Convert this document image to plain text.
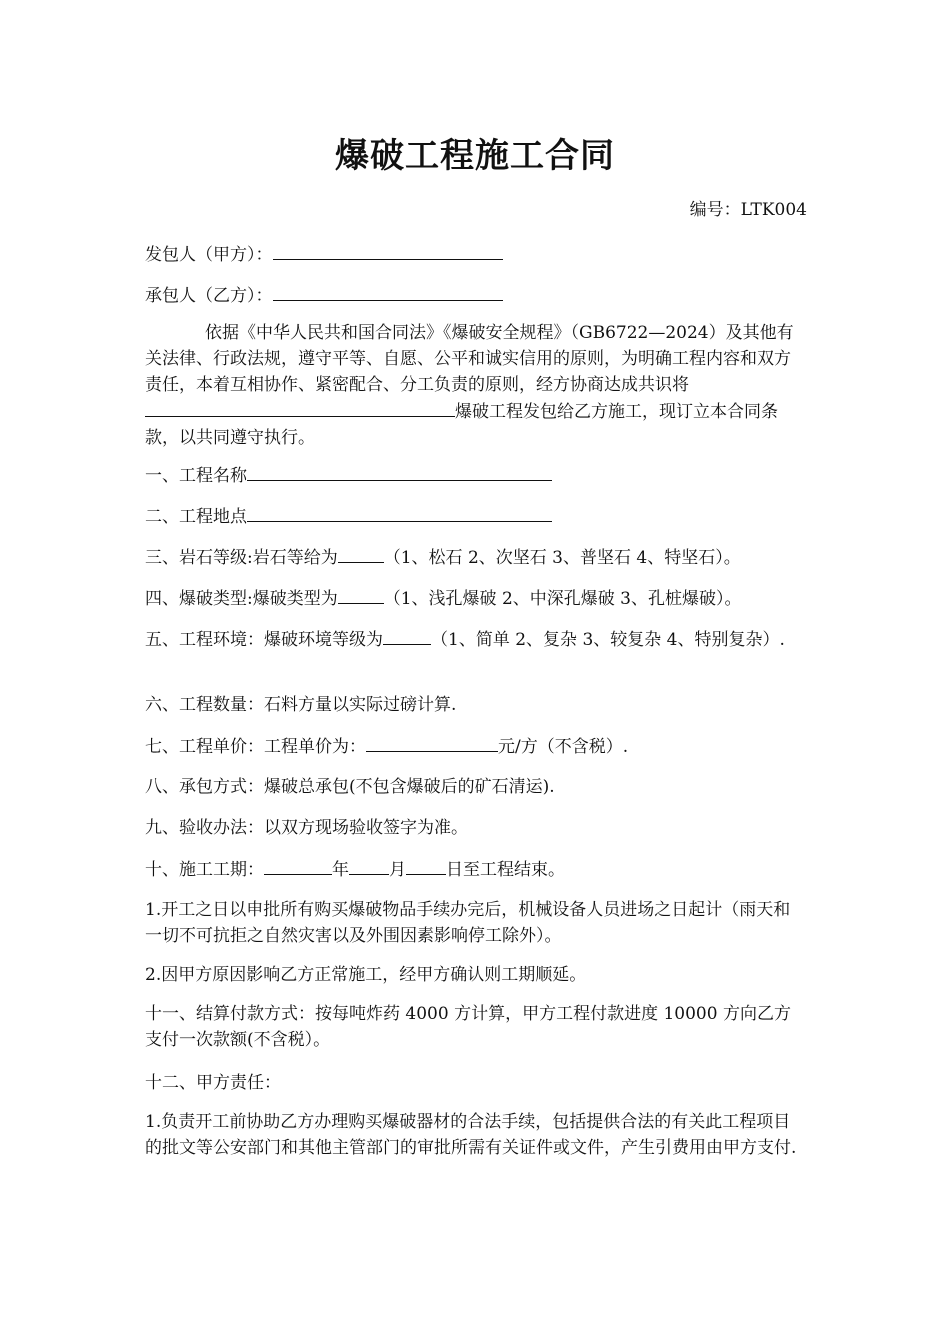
爆破工程施工合同
编号：LTK004
发包人（甲方）：
承包人（乙方）：
依据《中华人民共和国合同法》《爆破安全规程》（GB6722—2024）及其他有关法律、行政法规，遵守平等、自愿、公平和诚实信用的原则，为明确工程内容和双方责任，本着互相协作、紧密配合、分工负责的原则，经方协商达成共识将爆破工程发包给乙方施工，现订立本合同条款，以共同遵守执行。
一、工程名称
二、工程地点
三、岩石等级:岩石等给为	（1、松石 2、次坚石 3、普坚石 4、特坚石）。
四、爆破类型:爆破类型为	（1、浅孔爆破 2、中深孔爆破 3、孔桩爆破）。
五、工程环境：爆破环境等级为	（1、简单 2、复杂 3、较复杂 4、特别复杂）.
六、工程数量：石料方量以实际过磅计算.
七、工程单价：工程单价为：	元/方（不含税）.
八、承包方式：爆破总承包(不包含爆破后的矿石清运).
九、验收办法：以双方现场验收签字为准。
十、施工工期：	年 月 日至工程结束。
1.开工之日以申批所有购买爆破物品手续办完后，机械设备人员进场之日起计（雨天和一切不可抗拒之自然灾害以及外围因素影响停工除外）。
2.因甲方原因影响乙方正常施工，经甲方确认则工期顺延。
十一、结算付款方式：按每吨炸药 4000 方计算，甲方工程付款进度 10000 方向乙方支付一次款额(不含税）。
十二、甲方责任：
1.负责开工前协助乙方办理购买爆破器材的合法手续，包括提供合法的有关此工程项目的批文等公安部门和其他主管部门的审批所需有关证件或文件，产生引费用由甲方支付.
